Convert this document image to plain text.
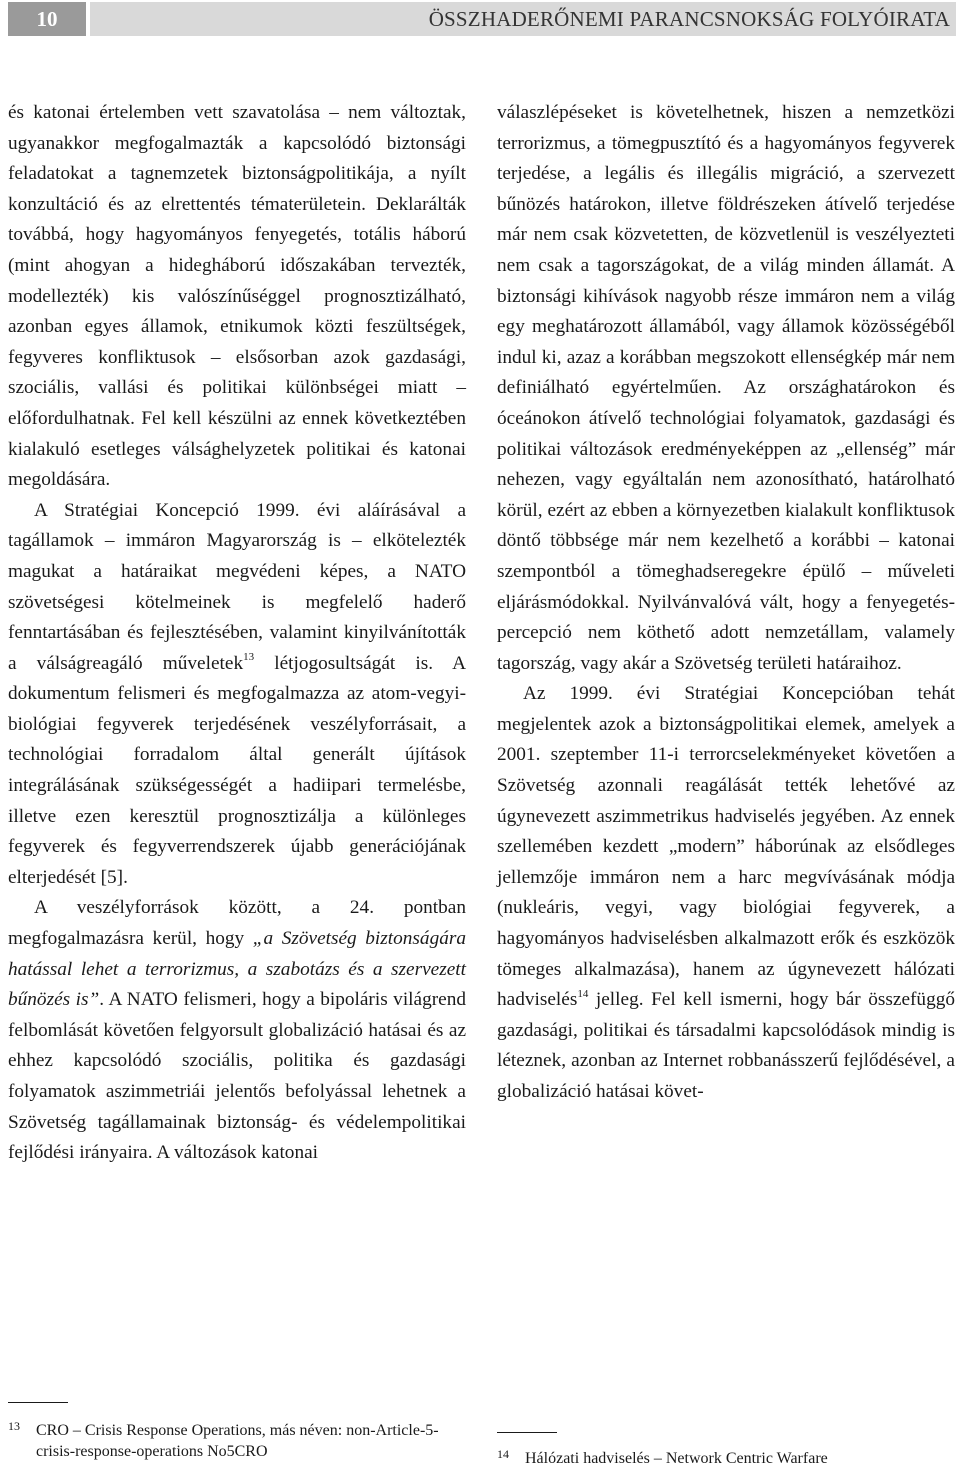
10	ÖSSZHADERŐNEMI PARANCSNOKSÁG FOLYÓIRATA

és katonai értelemben vett szavatolása – nem változtak, ugyanakkor megfogalmazták a kapcsolódó biztonsági feladatokat a tagnemzetek biztonságpolitikája, a nyílt konzultáció és az elrettentés tématerületein. Deklarálták továbbá, hogy hagyományos fenyegetés, totális háború (mint ahogyan a hidegháború időszakában tervezték, modellezték) kis valószínűséggel prognosztizálható, azonban egyes államok, etnikumok közti feszültségek, fegyveres konfliktusok – elsősorban azok gazdasági, szociális, vallási és politikai különbségei miatt – előfordulhatnak. Fel kell készülni az ennek következtében kialakuló esetleges válsághelyzetek politikai és katonai megoldására.

A Stratégiai Koncepció 1999. évi aláírásával a tagállamok – immáron Magyarország is – elkötelezték magukat a határaikat megvédeni képes, a NATO szövetségesi kötelmeinek is megfelelő haderő fenntartásában és fejlesztésében, valamint kinyilvánították a válságreagáló műveletek$^{13}$ létjogosultságát is. A dokumentum felismeri és megfogalmazza az atom-vegyi-biológiai fegyverek terjedésének veszélyforrásait, a technológiai forradalom által generált újítások integrálásának szükségességét a hadiipari termelésbe, illetve ezen keresztül prognosztizálja a különleges fegyverek és fegyverrendszerek újabb generációjának elterjedését [5].

A veszélyforrások között, a 24. pontban megfogalmazásra kerül, hogy „a Szövetség biztonságára hatással lehet a terrorizmus, a szabotázs és a szervezett bűnözés is”. A NATO felismeri, hogy a bipoláris világrend felbomlását követően felgyorsult globalizáció hatásai és az ehhez kapcsolódó szociális, politika és gazdasági folyamatok aszimmetriái jelentős befolyással lehetnek a Szövetség tagállamainak biztonság- és védelempolitikai fejlődési irányaira. A változások katonai

válaszlépéseket is követelhetnek, hiszen a nemzetközi terrorizmus, a tömegpusztító és a hagyományos fegyverek terjedése, a legális és illegális migráció, a szervezett bűnözés határokon, illetve földrészeken átívelő terjedése már nem csak közvetetten, de közvetlenül is veszélyezteti nem csak a tagországokat, de a világ minden államát. A biztonsági kihívások nagyobb része immáron nem a világ egy meghatározott államából, vagy államok közösségéből indul ki, azaz a korábban megszokott ellenségkép már nem definiálható egyértelműen. Az országhatárokon és óceánokon átívelő technológiai folyamatok, gazdasági és politikai változások eredményeképpen az „ellenség” már nehezen, vagy egyáltalán nem azonosítható, határolható körül, ezért az ebben a környezetben kialakult konfliktusok döntő többsége már nem kezelhető a korábbi – katonai szempontból a tömeghadseregekre épülő – műveleti eljárásmódokkal. Nyilvánvalóvá vált, hogy a fenyegetés-percepció nem köthető adott nemzetállam, valamely tagország, vagy akár a Szövetség területi határaihoz.

Az 1999. évi Stratégiai Koncepcióban tehát megjelentek azok a biztonságpolitikai elemek, amelyek a 2001. szeptember 11-i terrorcselekményeket követően a Szövetség azonnali reagálását tették lehetővé az úgynevezett aszimmetrikus hadviselés jegyében. Az ennek szellemében kezdett „modern” háborúnak az elsődleges jellemzője immáron nem a harc megvívásának módja (nukleáris, vegyi, vagy biológiai fegyverek, a hagyományos hadviselésben alkalmazott erők és eszközök tömeges alkalmazása), hanem az úgynevezett hálózati hadviselés$^{14}$ jelleg. Fel kell ismerni, hogy bár összefüggő gazdasági, politikai és társadalmi kapcsolódások mindig is léteznek, azonban az Internet robbanásszerű fejlődésével, a globalizáció hatásai követ-

13	CRO – Crisis Response Operations, más néven: non-Article-5-crisis-response-operations No5CRO	14	Hálózati hadviselés – Network Centric Warfare
